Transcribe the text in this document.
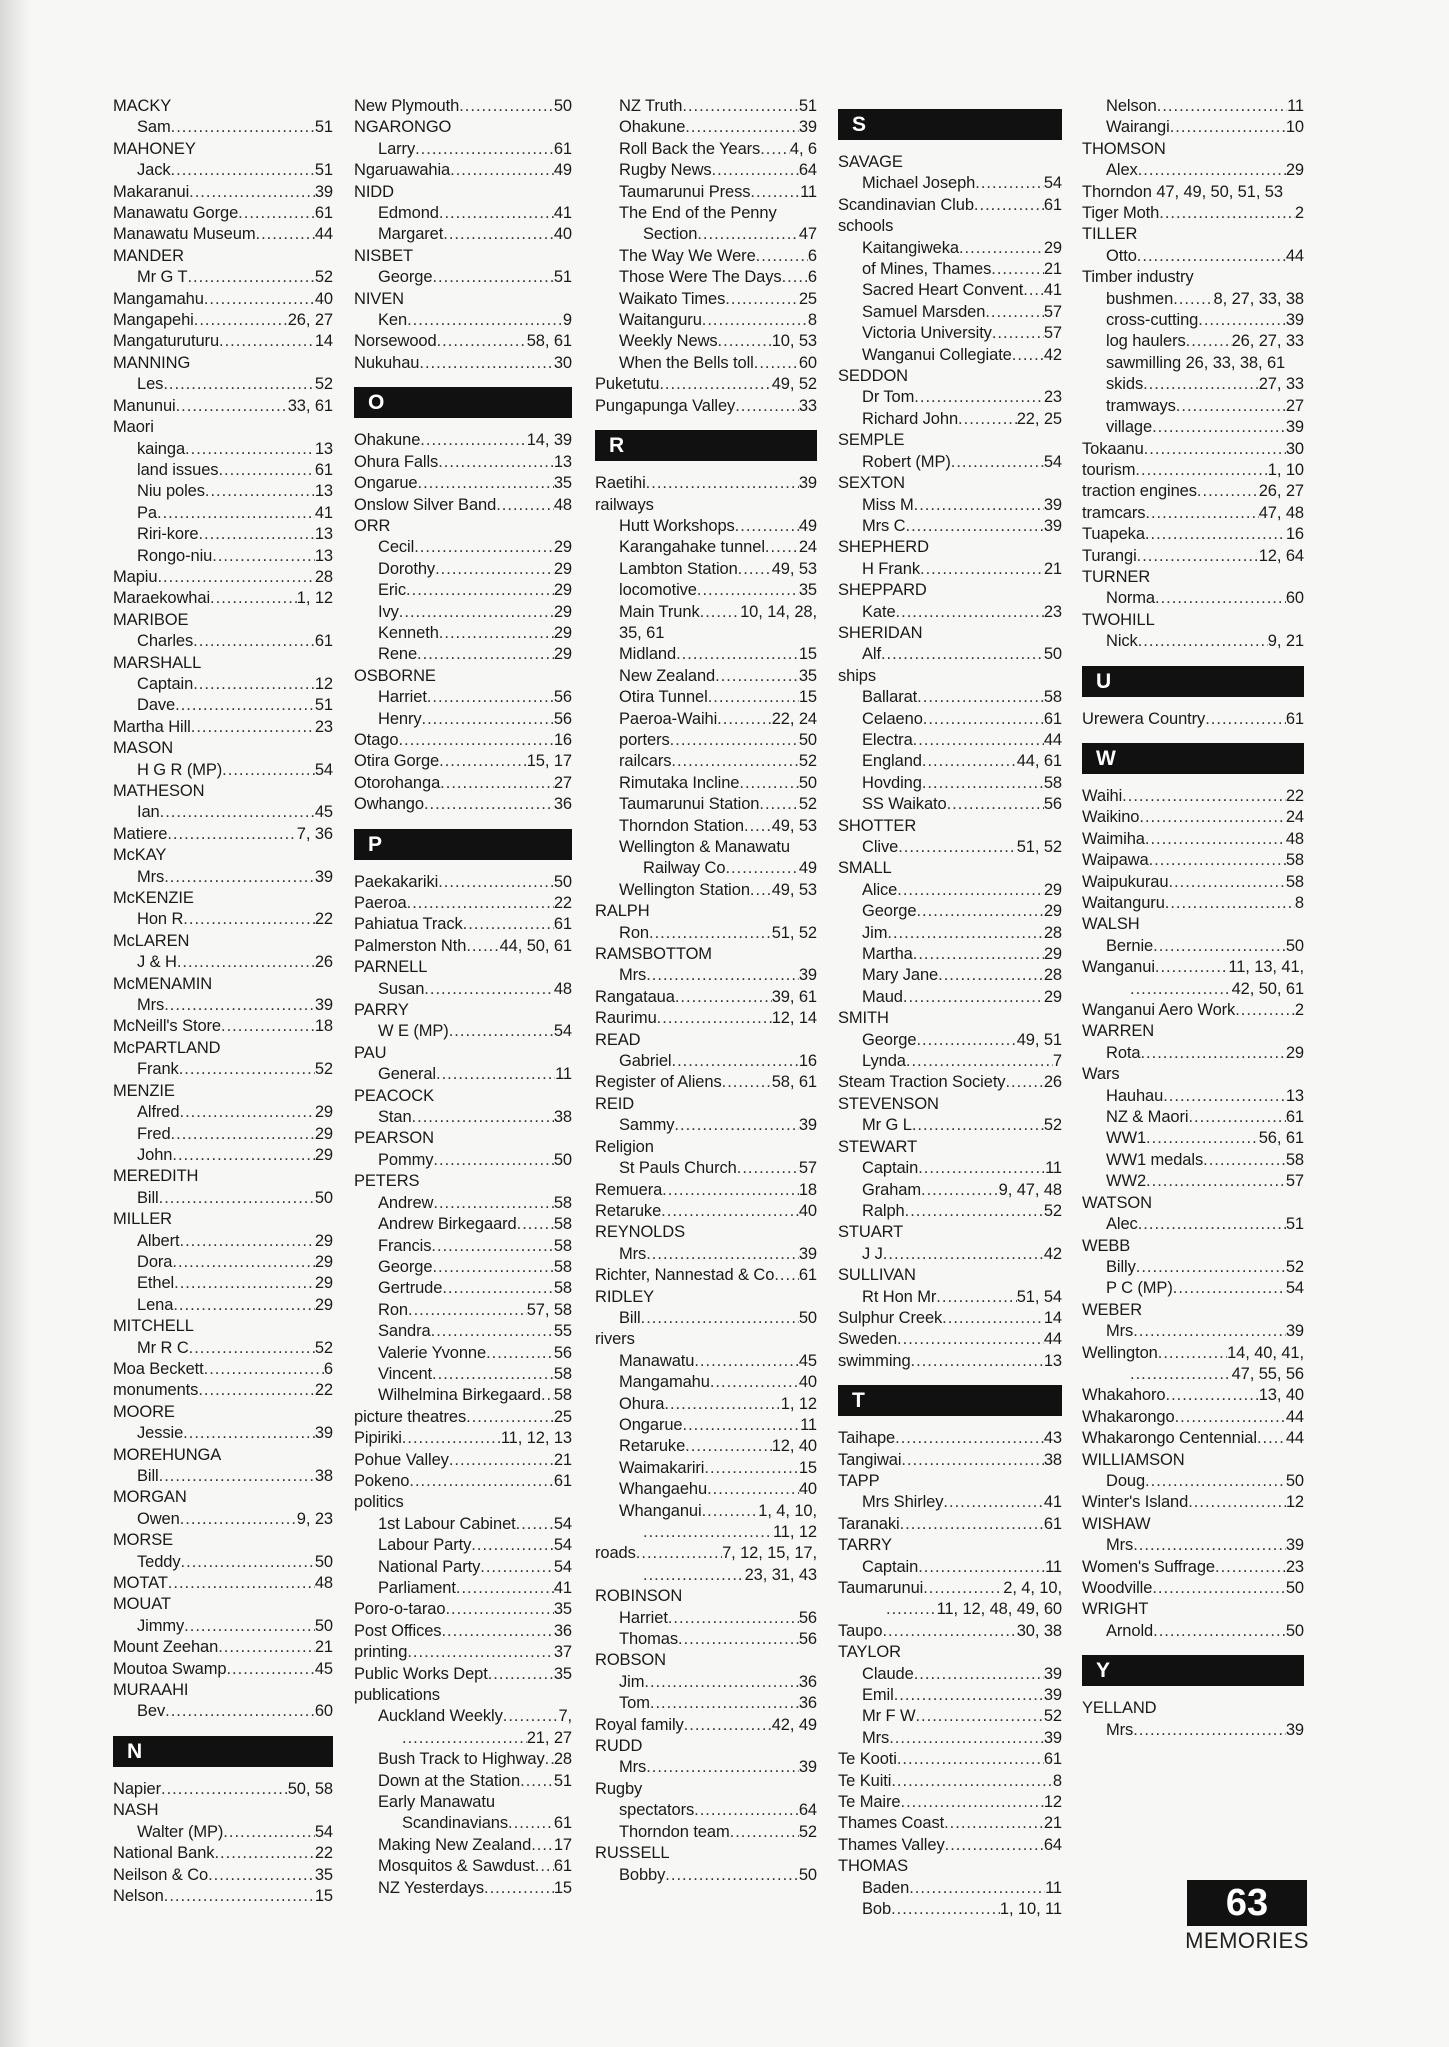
MACKY
Sam .....	51
MAHONEY
Jack .....	51
Makaranui .....	39
Manawatu Gorge .....	61
Manawatu Museum .....	44
MANDER
Mr G T .....	52
Mangamahu .....	40
Mangapehi .....	26, 27
Mangaturuturu .....	14
MANNING
Les .....	52
Manunui .....	33, 61
Maori
kainga .....	13
land issues .....	61
Niu poles .....	13
Pa .....	41
Riri-kore .....	13
Rongo-niu .....	13
Mapiu .....	28
Maraekowhai .....	1, 12
MARIBOE
Charles .....	61
MARSHALL
Captain .....	12
Dave .....	51
Martha Hill .....	23
MASON
H G R (MP) .....	54
MATHESON
Ian .....	45
Matiere .....	7, 36
McKAY
Mrs .....	39
McKENZIE
Hon R .....	22
McLAREN
J & H .....	26
McMENAMIN
Mrs .....	39
McNeill's Store .....	18
McPARTLAND
Frank .....	52
MENZIE
Alfred .....	29
Fred .....	29
John .....	29
MEREDITH
Bill .....	50
MILLER
Albert .....	29
Dora .....	29
Ethel .....	29
Lena .....	29
MITCHELL
Mr R C .....	52
Moa Beckett .....	6
monuments .....	22
MOORE
Jessie .....	39
MOREHUNGA
Bill .....	38
MORGAN
Owen .....	9, 23
MORSE
Teddy .....	50
MOTAT .....	48
MOUAT
Jimmy .....	50
Mount Zeehan .....	21
Moutoa Swamp .....	45
MURAAHI
Bev .....	60
N
Napier .....	50, 58
NASH
Walter (MP) .....	54
National Bank .....	22
Neilson & Co .....	35
Nelson .....	15
New Plymouth .....	50
NGARONGO
Larry .....	61
Ngaruawahia .....	49
NIDD
Edmond .....	41
Margaret .....	40
NISBET
George .....	51
NIVEN
Ken .....	9
Norsewood .....	58, 61
Nukuhau .....	30
O
Ohakune .....	14, 39
Ohura Falls .....	13
Ongarue .....	35
Onslow Silver Band .....	48
ORR
Cecil .....	29
Dorothy .....	29
Eric .....	29
Ivy .....	29
Kenneth .....	29
Rene .....	29
OSBORNE
Harriet .....	56
Henry .....	56
Otago .....	16
Otira Gorge .....	15, 17
Otorohanga .....	27
Owhango .....	36
P
Paekakariki .....	50
Paeroa .....	22
Pahiatua Track .....	61
Palmerston Nth ..... 44, 50, 61
PARNELL
Susan .....	48
PARRY
W E (MP) .....	54
PAU
General .....	11
PEACOCK
Stan .....	38
PEARSON
Pommy .....	50
PETERS
Andrew .....	58
Andrew Birkegaard ..... 58
Francis .....	58
George .....	58
Gertrude .....	58
Ron .....	57, 58
Sandra .....	55
Valerie Yvonne .....	56
Vincent .....	58
Wilhelmina Birkegaard ..... 58
picture theatres .....	25
Pipiriki .....	11, 12, 13
Pohue Valley .....	21
Pokeno .....	61
politics
1st Labour Cabinet ..... 54
Labour Party .....	54
National Party .....	54
Parliament .....	41
Poro-o-tarao .....	35
Post Offices .....	36
printing .....	37
Public Works Dept .....	35
publications
Auckland Weekly .....	7,
.....
21, 27
Bush Track to Highway ..... 28
Down at the Station ..... 51
Early Manawatu
Scandinavians .....	61
Making New Zealand ..... 17
Mosquitos & Sawdust ..... 61
NZ Yesterdays .....	15
NZ Truth .....	51
Ohakune .....	39
Roll Back the Years ..... 4, 6
Rugby News .....	64
Taumarunui Press .....	11
The End of the Penny
Section .....	47
The Way We Were .....	6
Those Were The Days ..... 6
Waikato Times .....	25
Waitanguru .....	8
Weekly News .....	10, 53
When the Bells toll .....	60
Puketutu .....	49, 52
Pungapunga Valley .....	33
R
Raetihi .....	39
railways
Hutt Workshops .....	49
Karangahake tunnel ..... 24
Lambton Station ..... 49, 53
locomotive .....	35
Main Trunk ..... 10, 14, 28,
35, 61
Midland .....	15
New Zealand .....	35
Otira Tunnel .....	15
Paeroa-Waihi .....	22, 24
porters .....	50
railcars .....	52
Rimutaka Incline .....	50
Taumarunui Station ..... 52
Thorndon Station ..... 49, 53
Wellington & Manawatu
Railway Co .....	49
Wellington Station ..... 49, 53
RALPH
Ron .....	51, 52
RAMSBOTTOM
Mrs .....	39
Rangataua .....	39, 61
Raurimu .....	12, 14
READ
Gabriel .....	16
Register of Aliens .....	58, 61
REID
Sammy .....	39
Religion
St Pauls Church .....	57
Remuera .....	18
Retaruke .....	40
REYNOLDS
Mrs .....	39
Richter, Nannestad & Co ..... 61
RIDLEY
Bill .....	50
rivers
Manawatu .....	45
Mangamahu .....	40
Ohura .....	1, 12
Ongarue .....	11
Retaruke .....	12, 40
Waimakariri .....	15
Whangaehu .....	40
Whanganui .....	1, 4, 10,
.....
11, 12
roads .....	7, 12, 15, 17,
.....
23, 31, 43
ROBINSON
Harriet .....	56
Thomas .....	56
ROBSON
Jim .....	36
Tom .....	36
Royal family .....	42, 49
RUDD
Mrs .....	39
Rugby
spectators .....	64
Thorndon team .....	52
RUSSELL
Bobby .....	50
S
SAVAGE
Michael Joseph .....	54
Scandinavian Club .....	61
schools
Kaitangiweka .....	29
of Mines, Thames .....	21
Sacred Heart Convent ..... 41
Samuel Marsden .....	57
Victoria University .....	57
Wanganui Collegiate ..... 42
SEDDON
Dr Tom .....	23
Richard John .....	22, 25
SEMPLE
Robert (MP) .....	54
SEXTON
Miss M .....	39
Mrs C .....	39
SHEPHERD
H Frank .....	21
SHEPPARD
Kate .....	23
SHERIDAN
Alf .....	50
ships
Ballarat .....	58
Celaeno .....	61
Electra .....	44
England .....	44, 61
Hovding .....	58
SS Waikato .....	56
SHOTTER
Clive .....	51, 52
SMALL
Alice .....	29
George .....	29
Jim .....	28
Martha .....	29
Mary Jane .....	28
Maud .....	29
SMITH
George .....	49, 51
Lynda .....	7
Steam Traction Society ..... 26
STEVENSON
Mr G L .....	52
STEWART
Captain .....	11
Graham .....	9, 47, 48
Ralph .....	52
STUART
J J .....	42
SULLIVAN
Rt Hon Mr .....	51, 54
Sulphur Creek .....	14
Sweden .....	44
swimming .....	13
T
Taihape .....	43
Tangiwai .....	38
TAPP
Mrs Shirley .....	41
Taranaki .....	61
TARRY
Captain .....	11
Taumarunui .....	2, 4, 10,
.....
11, 12, 48, 49, 60
Taupo .....	30, 38
TAYLOR
Claude .....	39
Emil .....	39
Mr F W .....	52
Mrs .....	39
Te Kooti .....	61
Te Kuiti .....	8
Te Maire .....	12
Thames Coast .....	21
Thames Valley .....	64
THOMAS
Baden .....	11
Bob .....	1, 10, 11
Nelson .....	11
Wairangi .....	10
THOMSON
Alex .....	29
Thorndon 47, 49, 50, 51, 53
Tiger Moth .....	2
TILLER
Otto .....	44
Timber industry
bushmen ..... 8, 27, 33, 38
cross-cutting .....	39
log haulers .....	26, 27, 33
sawmilling 26, 33, 38, 61
skids .....	27, 33
tramways .....	27
village .....	39
Tokaanu .....	30
tourism .....	1, 10
traction engines .....	26, 27
tramcars .....	47, 48
Tuapeka .....	16
Turangi .....	12, 64
TURNER
Norma .....	60
TWOHILL
Nick .....	9, 21
U
Urewera Country .....	61
W
Waihi .....	22
Waikino .....	24
Waimiha .....	48
Waipawa .....	58
Waipukurau .....	58
Waitanguru .....	8
WALSH
Bernie .....	50
Wanganui .....	11, 13, 41,
.....
42, 50, 61
Wanganui Aero Work .....	2
WARREN
Rota .....	29
Wars
Hauhau .....	13
NZ & Maori .....	61
WW1 .....	56, 61
WW1 medals .....	58
WW2 .....	57
WATSON
Alec .....	51
WEBB
Billy .....	52
P C (MP) .....	54
WEBER
Mrs .....	39
Wellington .....	14, 40, 41,
.....
47, 55, 56
Whakahoro .....	13, 40
Whakarongo .....	44
Whakarongo Centennial ..... 44
WILLIAMSON
Doug .....	50
Winter's Island .....	12
WISHAW
Mrs .....	39
Women's Suffrage .....	23
Woodville .....	50
WRIGHT
Arnold .....	50
Y
YELLAND
Mrs .....	39
63
MEMORIES
